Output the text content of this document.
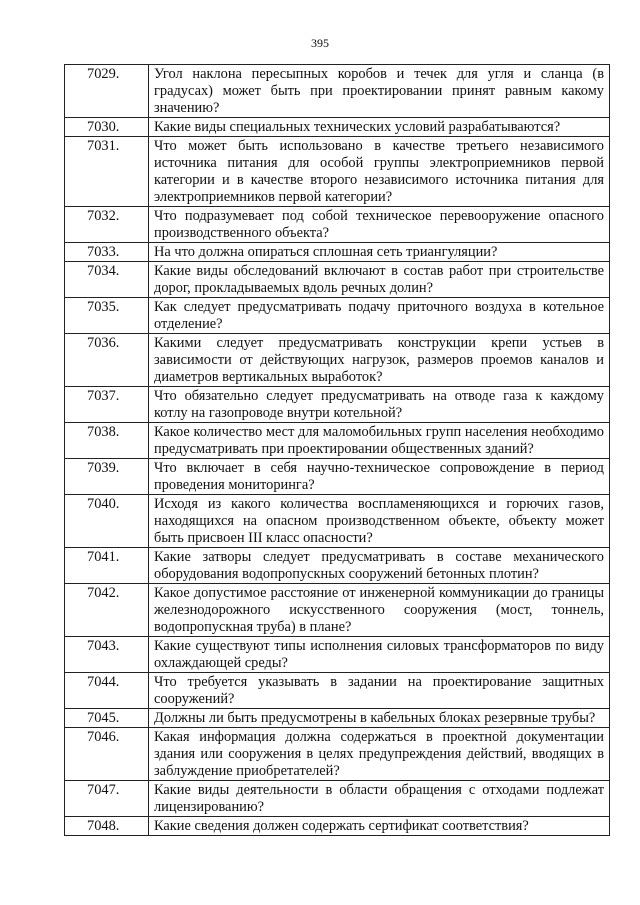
395
7029.	Угол наклона пересыпных коробов и течек для угля и сланца (в градусах) может быть при проектировании принят равным какому значению?
7030.	Какие виды специальных технических условий разрабатываются?
7031.	Что может быть использовано в качестве третьего независимого источника питания для особой группы электроприемников первой категории и в качестве второго независимого источника питания для электроприемников первой категории?
7032.	Что подразумевает под собой техническое перевооружение опасного производственного объекта?
7033.	На что должна опираться сплошная сеть триангуляции?
7034.	Какие виды обследований включают в состав работ при строительстве дорог, прокладываемых вдоль речных долин?
7035.	Как следует предусматривать подачу приточного воздуха в котельное отделение?
7036.	Какими следует предусматривать конструкции крепи устьев в зависимости от действующих нагрузок, размеров проемов каналов и диаметров вертикальных выработок?
7037.	Что обязательно следует предусматривать на отводе газа к каждому котлу на газопроводе внутри котельной?
7038.	Какое количество мест для маломобильных групп населения необходимо предусматривать при проектировании общественных зданий?
7039.	Что включает в себя научно-техническое сопровождение в период проведения мониторинга?
7040.	Исходя из какого количества воспламеняющихся и горючих газов, находящихся на опасном производственном объекте, объекту может быть присвоен III класс опасности?
7041.	Какие затворы следует предусматривать в составе механического оборудования водопропускных сооружений бетонных плотин?
7042.	Какое допустимое расстояние от инженерной коммуникации до границы железнодорожного искусственного сооружения (мост, тоннель, водопропускная труба) в плане?
7043.	Какие существуют типы исполнения силовых трансформаторов по виду охлаждающей среды?
7044.	Что требуется указывать в задании на проектирование защитных сооружений?
7045.	Должны ли быть предусмотрены в кабельных блоках резервные трубы?
7046.	Какая информация должна содержаться в проектной документации здания или сооружения в целях предупреждения действий, вводящих в заблуждение приобретателей?
7047.	Какие виды деятельности в области обращения с отходами подлежат лицензированию?
7048.	Какие сведения должен содержать сертификат соответствия?
